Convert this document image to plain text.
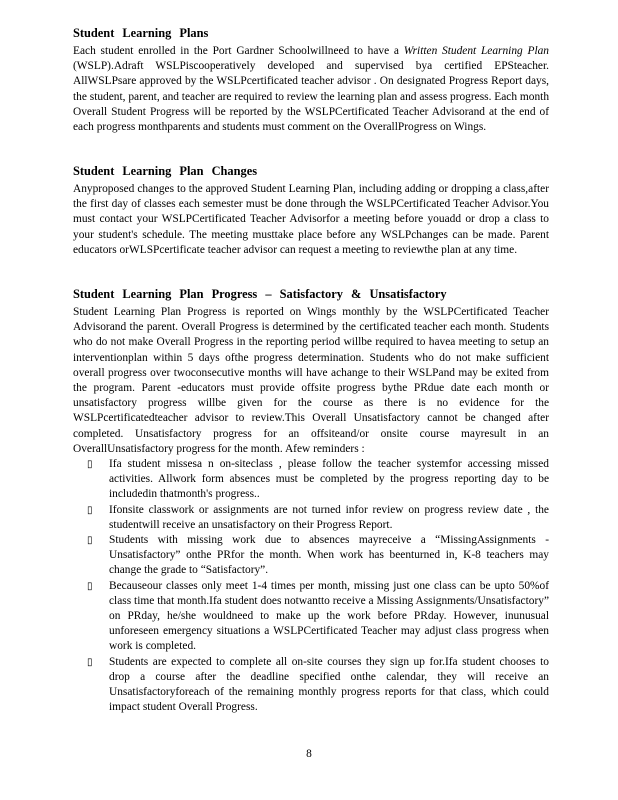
Student Learning Plans

Each student enrolled in the Port Gardner Schoolwillneed to have a Written Student Learning Plan (WSLP).Adraft WSLPiscooperatively developed and supervised bya certified EPSteacher. AllWSLPsare approved by the WSLPcertificated teacher advisor . On designated Progress Report days, the student, parent, and teacher are required to review the learning plan and assess progress. Each month Overall Student Progress will be reported by the WSLPCertificated Teacher Advisorand at the end of each progress monthparents and students must comment on the OverallProgress on Wings.

Student Learning Plan Changes

Anyproposed changes to the approved Student Learning Plan, including adding or dropping a class,after the first day of classes each semester must be done through the WSLPCertificated Teacher Advisor.You must contact your WSLPCertificated Teacher Advisorfor a meeting before youadd or drop a class to your student's schedule. The meeting musttake place before any WSLPchanges can be made. Parent educators orWLSPcertificate teacher advisor can request a meeting to reviewthe plan at any time.

Student Learning Plan Progress – Satisfactory & Unsatisfactory

Student Learning Plan Progress is reported on Wings monthly by the WSLPCertificated Teacher Advisorand the parent. Overall Progress is determined by the certificated teacher each month. Students who do not make Overall Progress in the reporting period willbe required to havea meeting to setup an interventionplan within 5 days ofthe progress determination. Students who do not make sufficient overall progress over twoconsecutive months will have achange to their WSLPand may be exited from the program. Parent -educators must provide offsite progress bythe PRdue date each month or unsatisfactory progress willbe given for the course as there is no evidence for the WSLPcertificatedteacher advisor to review.This Overall Unsatisfactory cannot be changed after completed. Unsatisfactory progress for an offsiteand/or onsite course mayresult in an OverallUnsatisfactory progress for the month. Afew reminders :

▯ Ifa student missesa n on-siteclass , please follow the teacher systemfor accessing missed activities. Allwork form absences must be completed by the progress reporting day to be includedin thatmonth's progress..
▯ Ifonsite classwork or assignments are not turned infor review on progress review date , the studentwill receive an unsatisfactory on their Progress Report.
▯ Students with missing work due to absences mayreceive a “MissingAssignments - Unsatisfactory” onthe PRfor the month. When work has beenturned in, K-8 teachers may change the grade to “Satisfactory”.
▯ Becauseour classes only meet 1-4 times per month, missing just one class can be upto 50%of class time that month.Ifa student does notwantto receive a Missing Assignments/Unsatisfactory” on PRday, he/she wouldneed to make up the work before PRday. However, inunusual unforeseen emergency situations a WSLPCertificated Teacher may adjust class progress when work is completed.
▯ Students are expected to complete all on-site courses they sign up for.Ifa student chooses to drop a course after the deadline specified onthe calendar, they will receive an Unsatisfactoryforeach of the remaining monthly progress reports for that class, which could impact student Overall Progress.
8
